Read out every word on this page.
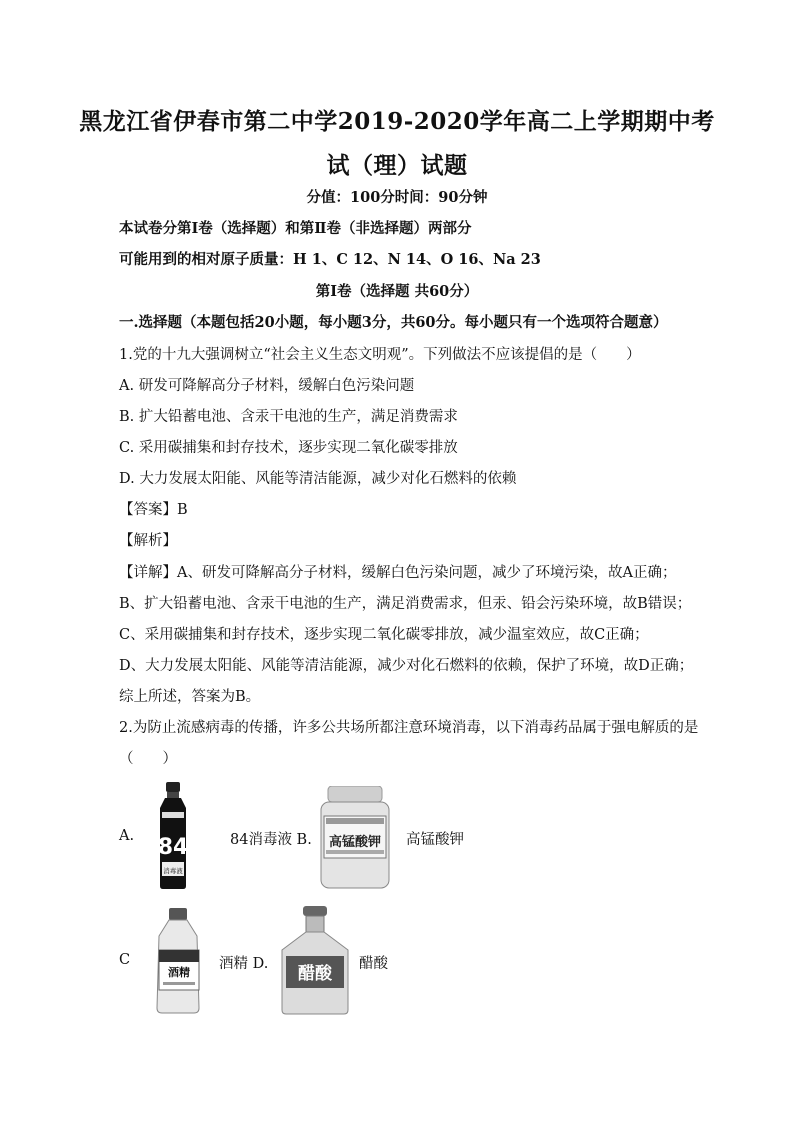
黑龙江省伊春市第二中学2019-2020学年高二上学期期中考
试（理）试题
分值：100分时间：90分钟
本试卷分第Ⅰ卷（选择题）和第Ⅱ卷（非选择题）两部分
可能用到的相对原子质量：H 1、C 12、N 14、O 16、Na 23
第Ⅰ卷（选择题 共60分）
一.选择题（本题包括20小题，每小题3分，共60分。每小题只有一个选项符合题意）
1.党的十九大强调树立“社会主义生态文明观”。下列做法不应该提倡的是（　　）
A. 研发可降解高分子材料，缓解白色污染问题
B. 扩大铅蓄电池、含汞干电池的生产，满足消费需求
C. 采用碳捕集和封存技术，逐步实现二氧化碳零排放
D. 大力发展太阳能、风能等清洁能源，减少对化石燃料的依赖
【答案】B
【解析】
【详解】A、研发可降解高分子材料，缓解白色污染问题，减少了环境污染，故A正确；
B、扩大铅蓄电池、含汞干电池的生产，满足消费需求，但汞、铅会污染环境，故B错误；
C、采用碳捕集和封存技术，逐步实现二氧化碳零排放，减少温室效应，故C正确；
D、大力发展太阳能、风能等清洁能源，减少对化石燃料的依赖，保护了环境，故D正确；
综上所述，答案为B。
2.为防止流感病毒的传播，许多公共场所都注意环境消毒，以下消毒药品属于强电解质的是
（　　）
A. 84
消毒液
84消毒液 B. 高锰酸钾 高锰酸钾
C
酒精
酒精 D. 醋酸 醋酸
